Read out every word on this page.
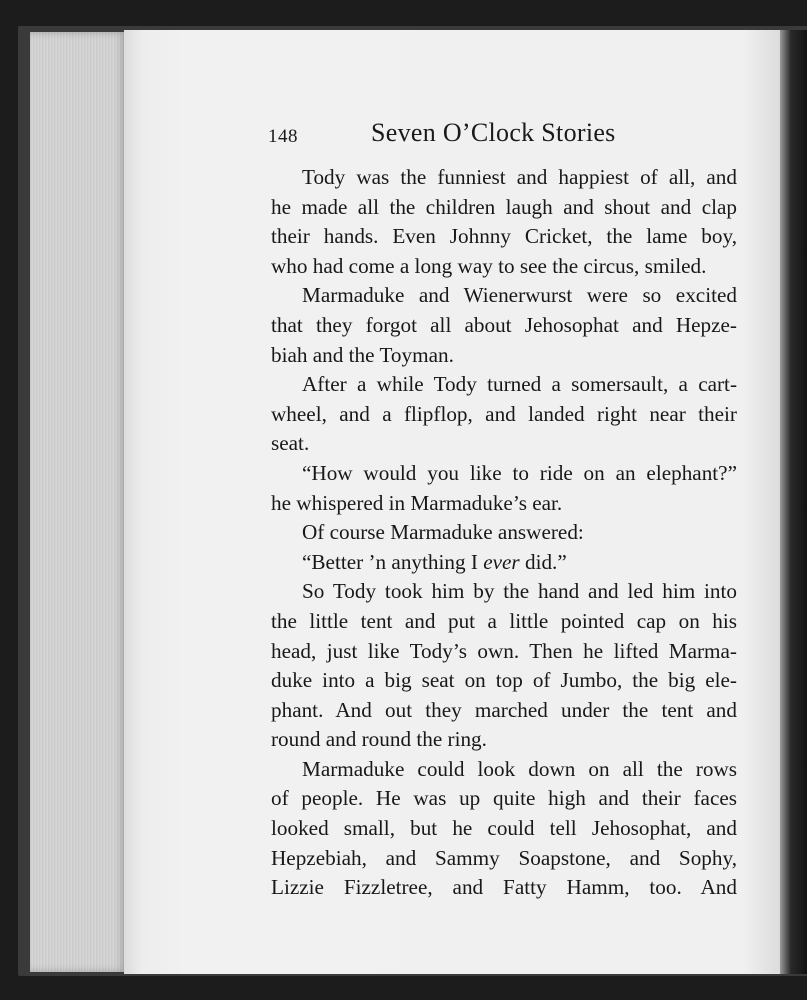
148	Seven O’Clock Stories
Tody was the funniest and happiest of all, and
he made all the children laugh and shout and clap
their hands. Even Johnny Cricket, the lame boy,
who had come a long way to see the circus, smiled.
Marmaduke and Wienerwurst were so excited
that they forgot all about Jehosophat and Hepze-
biah and the Toyman.
After a while Tody turned a somersault, a cart-
wheel, and a flipflop, and landed right near their
seat.
“How would you like to ride on an elephant?”
he whispered in Marmaduke’s ear.
Of course Marmaduke answered:
“Better ’n anything I ever did.”
So Tody took him by the hand and led him into
the little tent and put a little pointed cap on his
head, just like Tody’s own. Then he lifted Marma-
duke into a big seat on top of Jumbo, the big ele-
phant. And out they marched under the tent and
round and round the ring.
Marmaduke could look down on all the rows
of people. He was up quite high and their faces
looked small, but he could tell Jehosophat, and
Hepzebiah, and Sammy Soapstone, and Sophy,
Lizzie Fizzletree, and Fatty Hamm, too. And
